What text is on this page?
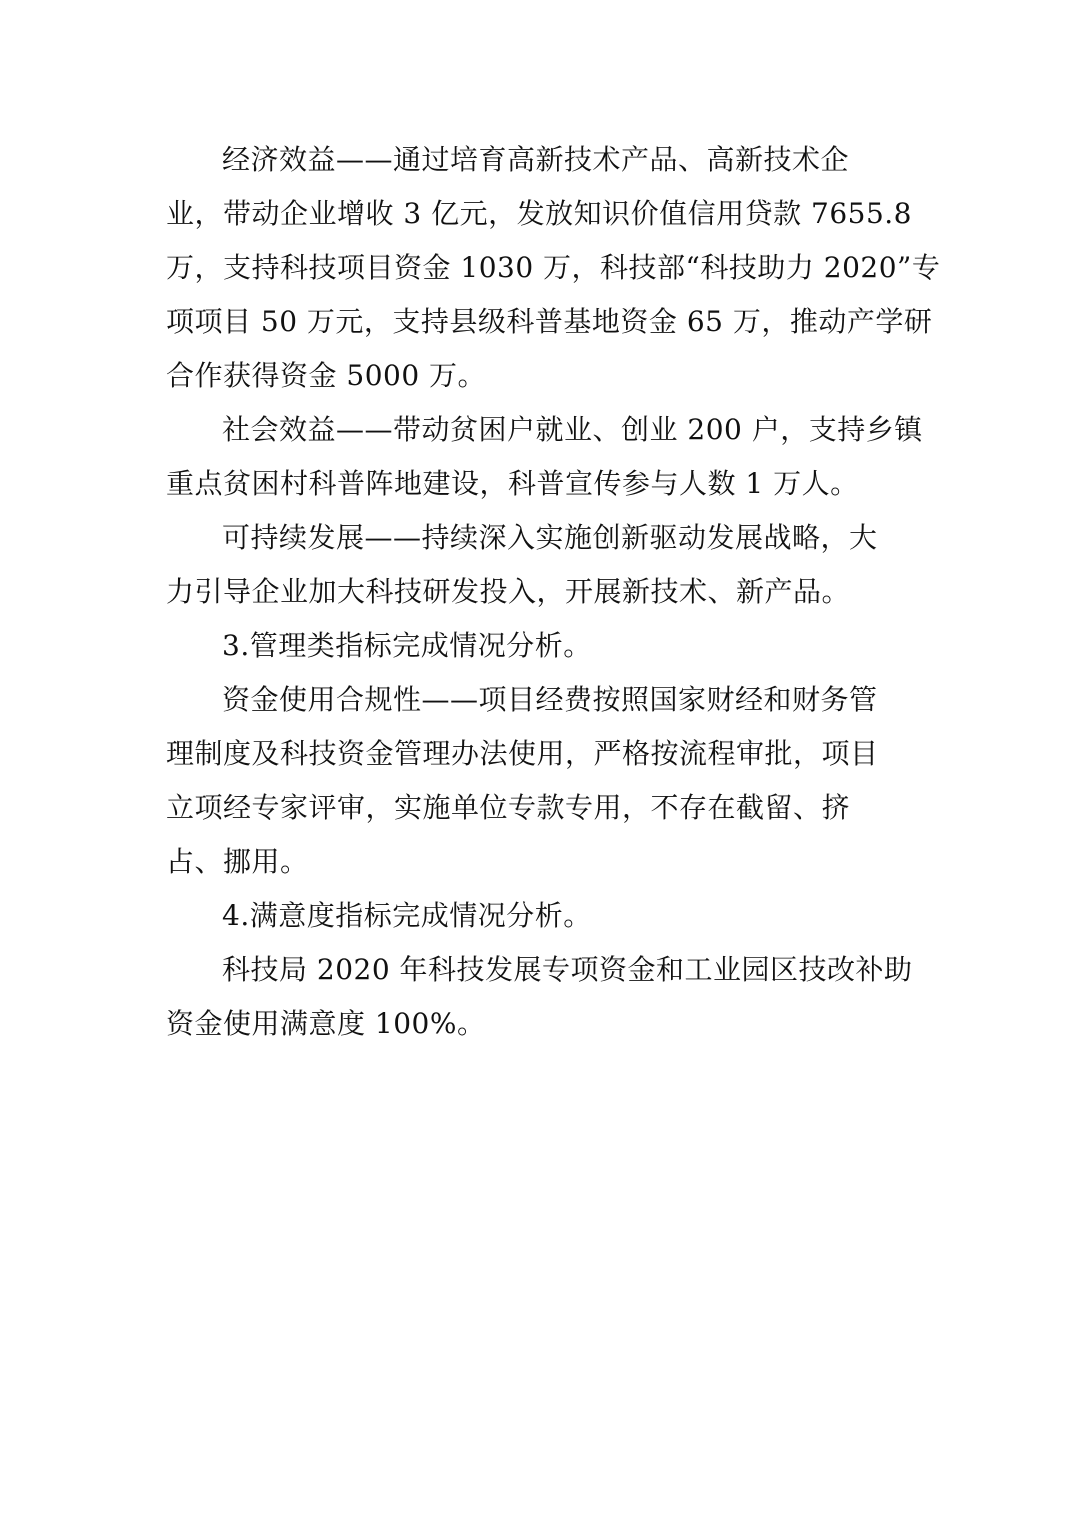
经济效益——通过培育高新技术产品、高新技术企
业，带动企业增收 3 亿元，发放知识价值信用贷款 7655.8
万，支持科技项目资金 1030 万，科技部“科技助力 2020”专
项项目 50 万元，支持县级科普基地资金 65 万，推动产学研
合作获得资金 5000 万。
社会效益——带动贫困户就业、创业 200 户，支持乡镇
重点贫困村科普阵地建设，科普宣传参与人数 1 万人。
可持续发展——持续深入实施创新驱动发展战略，大
力引导企业加大科技研发投入，开展新技术、新产品。
3.管理类指标完成情况分析。
资金使用合规性——项目经费按照国家财经和财务管
理制度及科技资金管理办法使用，严格按流程审批，项目
立项经专家评审，实施单位专款专用，不存在截留、挤
占、挪用。
4.满意度指标完成情况分析。
科技局 2020 年科技发展专项资金和工业园区技改补助
资金使用满意度 100%。
